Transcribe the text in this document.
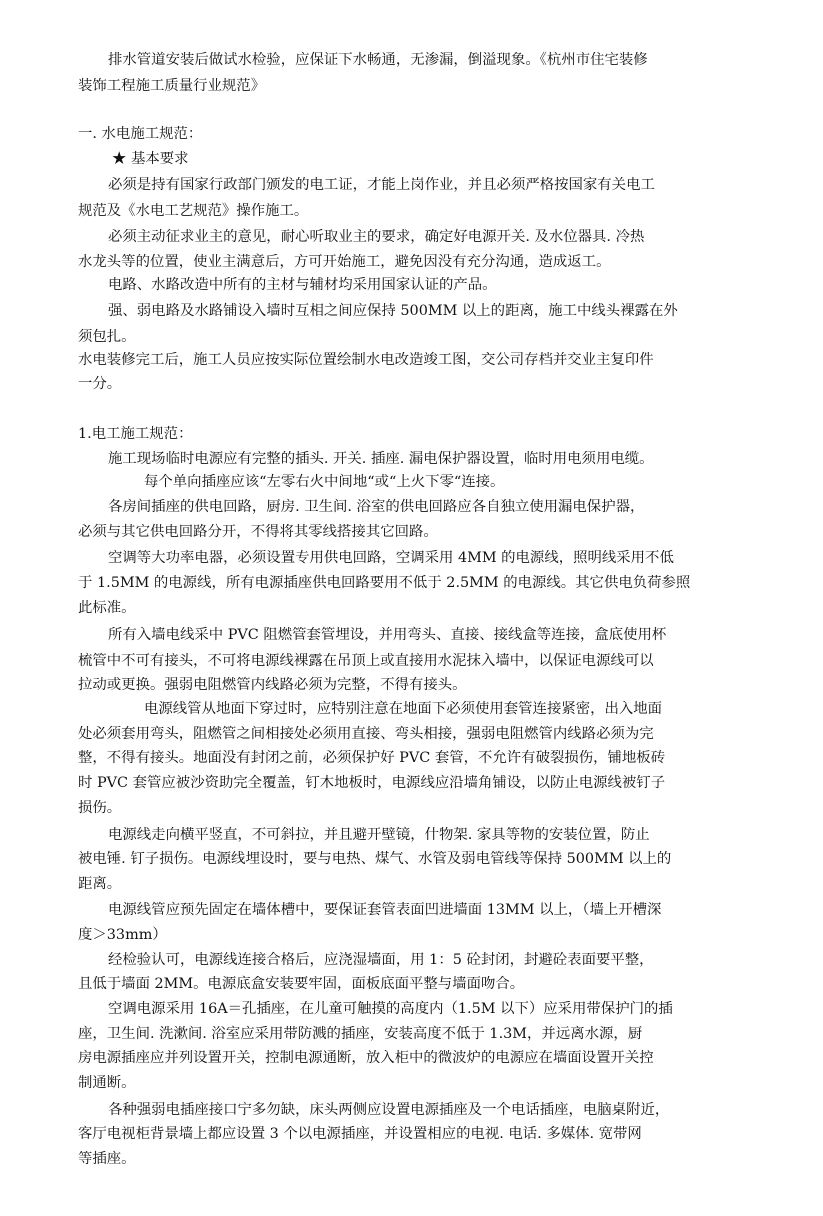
排水管道安装后做试水检验，应保证下水畅通，无渗漏，倒溢现象。《杭州市住宅装修
装饰工程施工质量行业规范》
一. 水电施工规范：
★ 基本要求
必须是持有国家行政部门颁发的电工证，才能上岗作业，并且必须严格按国家有关电工
规范及《水电工艺规范》操作施工。
必须主动征求业主的意见，耐心听取业主的要求，确定好电源开关. 及水位器具. 冷热
水龙头等的位置，使业主满意后，方可开始施工，避免因没有充分沟通，造成返工。
电路、水路改造中所有的主材与辅材均采用国家认证的产品。
强、弱电路及水路铺设入墙时互相之间应保持 500MM 以上的距离，施工中线头裸露在外
须包扎。
水电装修完工后，施工人员应按实际位置绘制水电改造竣工图，交公司存档并交业主复印件
一分。
1.电工施工规范：
施工现场临时电源应有完整的插头. 开关. 插座. 漏电保护器设置，临时用电须用电缆。
每个单向插座应该“左零右火中间地“或“上火下零“连接。
各房间插座的供电回路，厨房. 卫生间. 浴室的供电回路应各自独立使用漏电保护器，
必须与其它供电回路分开，不得将其零线搭接其它回路。
空调等大功率电器，必须设置专用供电回路，空调采用 4MM 的电源线，照明线采用不低
于 1.5MM 的电源线，所有电源插座供电回路要用不低于 2.5MM 的电源线。其它供电负荷参照
此标准。
所有入墙电线采中 PVC 阻燃管套管埋设，并用弯头、直接、接线盒等连接，盒底使用杯
梳管中不可有接头，不可将电源线裸露在吊顶上或直接用水泥抹入墙中，以保证电源线可以
拉动或更换。强弱电阻燃管内线路必须为完整，不得有接头。
电源线管从地面下穿过时，应特别注意在地面下必须使用套管连接紧密，出入地面
处必须套用弯头，阻燃管之间相接处必须用直接、弯头相接，强弱电阻燃管内线路必须为完
整，不得有接头。地面没有封闭之前，必须保护好 PVC 套管，不允许有破裂损伤，铺地板砖
时 PVC 套管应被沙资助完全覆盖，钉木地板时，电源线应沿墙角铺设，以防止电源线被钉子
损伤。
电源线走向横平竖直，不可斜拉，并且避开壁镜，什物架. 家具等物的安装位置，防止
被电锤. 钉子损伤。电源线埋设时，要与电热、煤气、水管及弱电管线等保持 500MM 以上的
距离。
电源线管应预先固定在墙体槽中，要保证套管表面凹进墙面 13MM 以上，（墙上开槽深
度＞33mm）
经检验认可，电源线连接合格后，应浇湿墙面，用 1：5 砼封闭，封避砼表面要平整，
且低于墙面 2MM。电源底盒安装要牢固，面板底面平整与墙面吻合。
空调电源采用 16A＝孔插座，在儿童可触摸的高度内（1.5M 以下）应采用带保护门的插
座，卫生间. 洗漱间. 浴室应采用带防溅的插座，安装高度不低于 1.3M，并远离水源，厨
房电源插座应并列设置开关，控制电源通断，放入柜中的微波炉的电源应在墙面设置开关控
制通断。
各种强弱电插座接口宁多勿缺，床头两侧应设置电源插座及一个电话插座，电脑桌附近，
客厅电视柜背景墙上都应设置 3 个以电源插座，并设置相应的电视. 电话. 多媒体. 宽带网
等插座。
